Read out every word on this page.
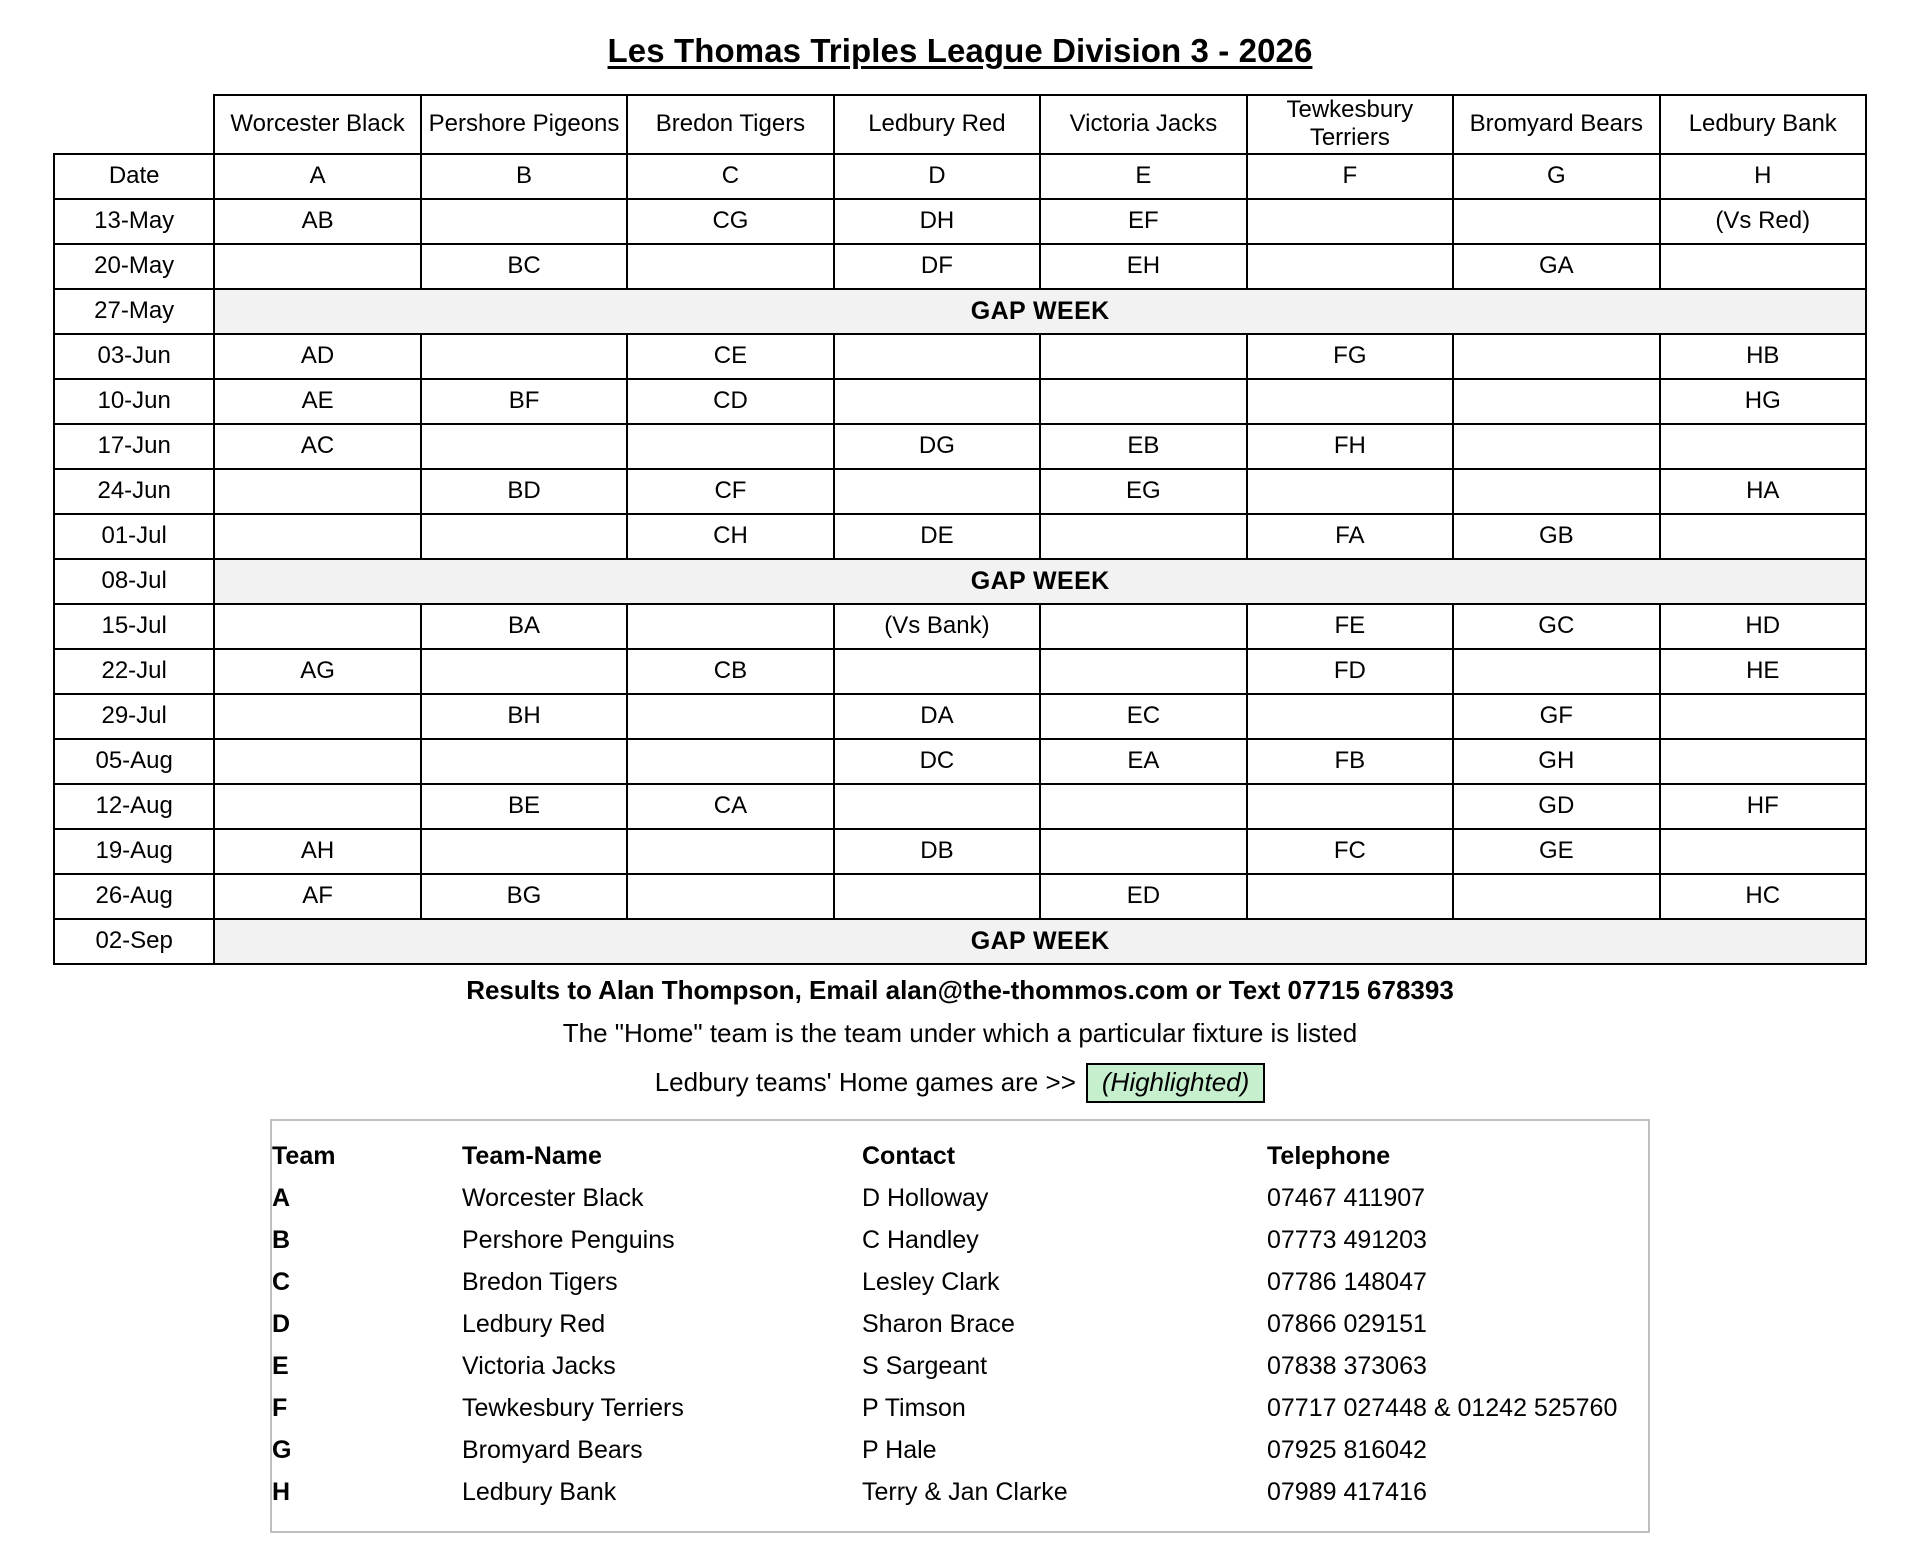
Les Thomas Triples League Division 3 - 2026
	Worcester Black	Pershore Pigeons	Bredon Tigers	Ledbury Red	Victoria Jacks	Tewkesbury Terriers	Bromyard Bears	Ledbury Bank
Date	A	B	C	D	E	F	G	H
13-May	AB		CG	DH	EF			(Vs Red)
20-May		BC		DF	EH		GA	
27-May	GAP WEEK							
03-Jun	AD		CE			FG		HB
10-Jun	AE	BF	CD					HG
17-Jun	AC			DG	EB	FH		
24-Jun		BD	CF		EG			HA
01-Jul			CH	DE		FA	GB	
08-Jul	GAP WEEK							
15-Jul		BA		(Vs Bank)		FE	GC	HD
22-Jul	AG		CB			FD		HE
29-Jul		BH		DA	EC		GF	
05-Aug				DC	EA	FB	GH	
12-Aug		BE	CA				GD	HF
19-Aug	AH			DB		FC	GE	
26-Aug	AF	BG			ED			HC
02-Sep	GAP WEEK							
Results to Alan Thompson, Email alan@the-thommos.com or Text 07715 678393
The "Home" team is the team under which a particular fixture is listed
Ledbury teams' Home games are >>	(Highlighted)
Team	Team-Name	Contact	Telephone
A	Worcester Black	D Holloway	07467 411907
B	Pershore Penguins	C Handley	07773 491203
C	Bredon Tigers	Lesley Clark	07786 148047
D	Ledbury Red	Sharon Brace	07866 029151
E	Victoria Jacks	S Sargeant	07838 373063
F	Tewkesbury Terriers	P Timson	07717 027448 & 01242 525760
G	Bromyard Bears	P Hale	07925 816042
H	Ledbury Bank	Terry & Jan Clarke	07989 417416
